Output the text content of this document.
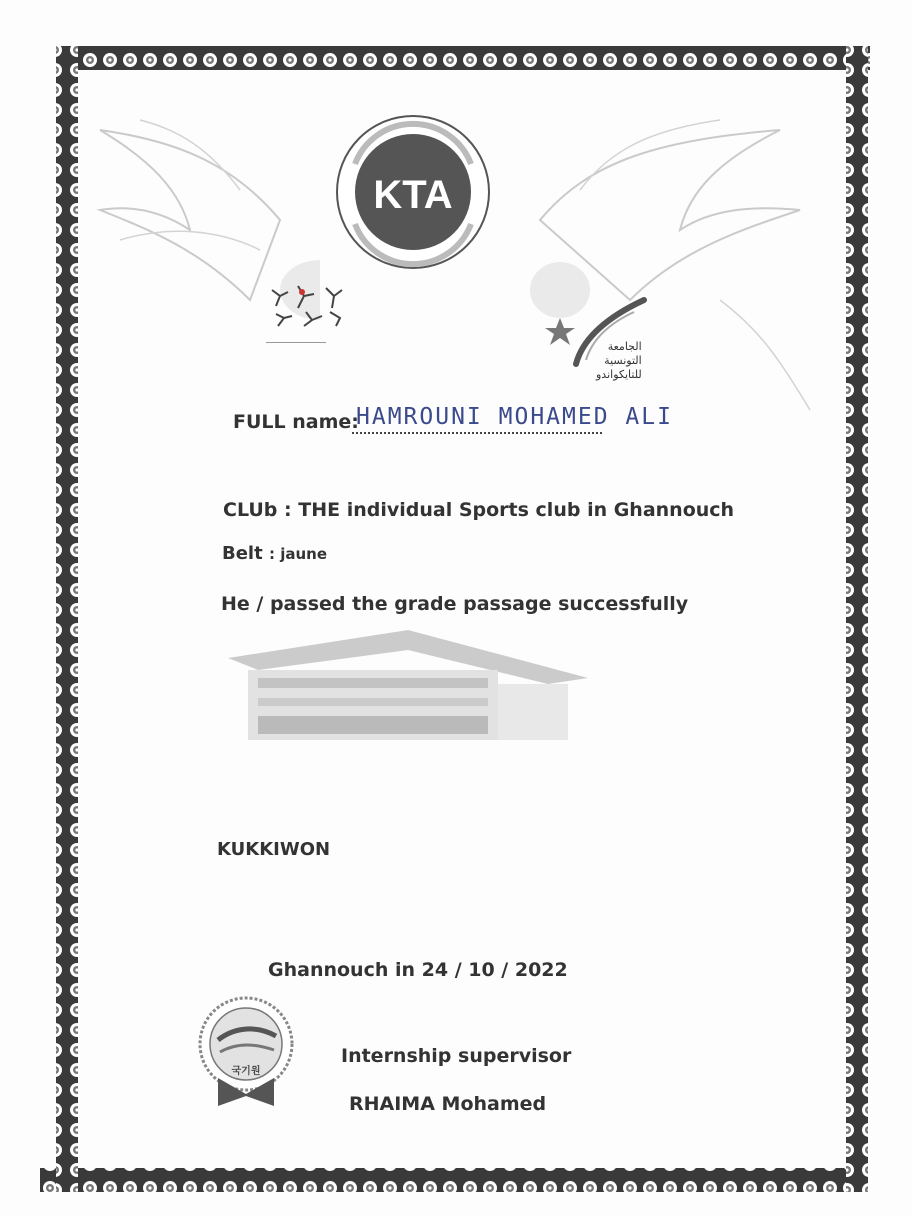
KTA
الجامعة
التونسية
للتايكواندو
FULL name:
HAMROUNI MOHAMED ALI
CLUb : THE individual Sports club in Ghannouch
Belt : jaune
He / passed the grade passage successfully
KUKKIWON
Ghannouch in 24 / 10 / 2022
국기원
Internship supervisor
RHAIMA Mohamed
